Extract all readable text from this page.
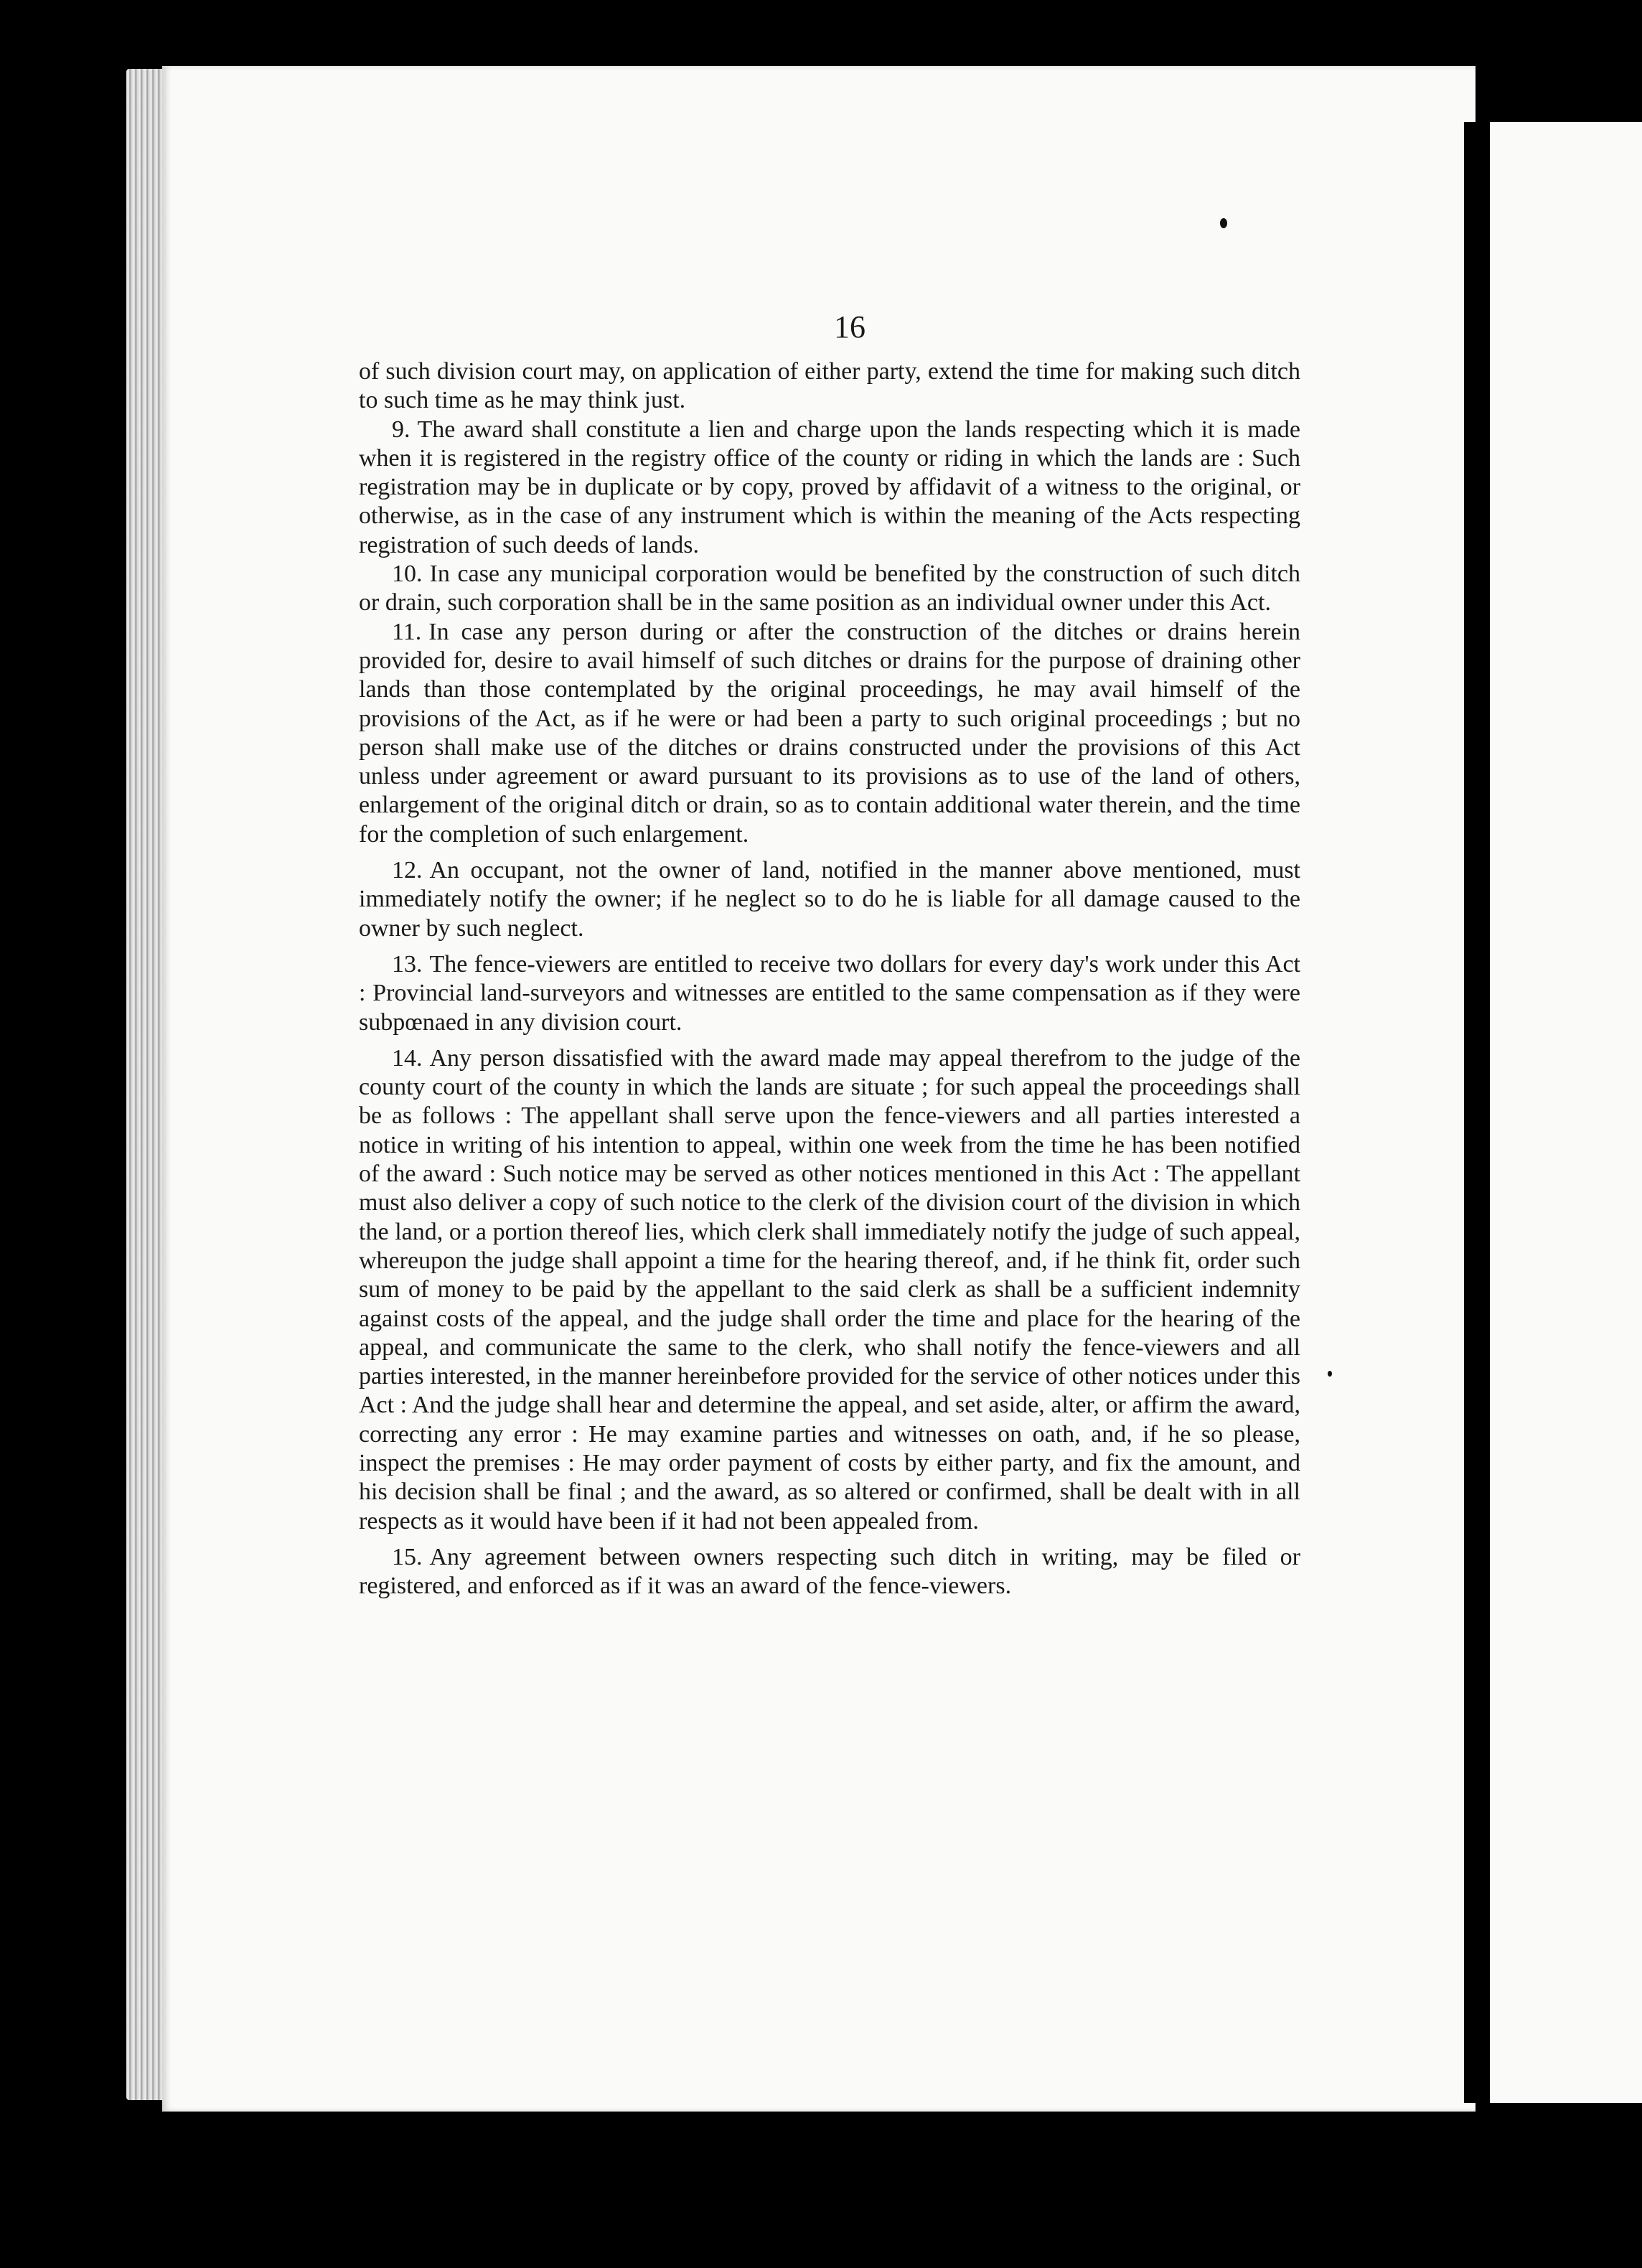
16

of such division court may, on application of either party, extend the time for making such ditch to such time as he may think just.

9. The award shall constitute a lien and charge upon the lands respecting which it is made when it is registered in the registry office of the county or riding in which the lands are : Such registration may be in duplicate or by copy, proved by affidavit of a witness to the original, or otherwise, as in the case of any instrument which is within the meaning of the Acts respecting registration of such deeds of lands.

10. In case any municipal corporation would be benefited by the construction of such ditch or drain, such corporation shall be in the same position as an individual owner under this Act.

11. In case any person during or after the construction of the ditches or drains herein provided for, desire to avail himself of such ditches or drains for the purpose of draining other lands than those contemplated by the original proceedings, he may avail himself of the provisions of the Act, as if he were or had been a party to such original proceedings ; but no person shall make use of the ditches or drains constructed under the provisions of this Act unless under agreement or award pursuant to its provisions as to use of the land of others, enlargement of the original ditch or drain, so as to contain additional water therein, and the time for the completion of such enlargement.

12. An occupant, not the owner of land, notified in the manner above mentioned, must immediately notify the owner; if he neglect so to do he is liable for all damage caused to the owner by such neglect.

13. The fence-viewers are entitled to receive two dollars for every day's work under this Act : Provincial land-surveyors and witnesses are entitled to the same compensation as if they were subpœnaed in any division court.

14. Any person dissatisfied with the award made may appeal therefrom to the judge of the county court of the county in which the lands are situate ; for such appeal the proceedings shall be as follows : The appellant shall serve upon the fence-viewers and all parties interested a notice in writing of his intention to appeal, within one week from the time he has been notified of the award : Such notice may be served as other notices mentioned in this Act : The appellant must also deliver a copy of such notice to the clerk of the division court of the division in which the land, or a portion thereof lies, which clerk shall immediately notify the judge of such appeal, whereupon the judge shall appoint a time for the hearing thereof, and, if he think fit, order such sum of money to be paid by the appellant to the said clerk as shall be a sufficient indemnity against costs of the appeal, and the judge shall order the time and place for the hearing of the appeal, and communicate the same to the clerk, who shall notify the fence-viewers and all parties interested, in the manner hereinbefore provided for the service of other notices under this Act : And the judge shall hear and determine the appeal, and set aside, alter, or affirm the award, correcting any error : He may examine parties and witnesses on oath, and, if he so please, inspect the premises : He may order payment of costs by either party, and fix the amount, and his decision shall be final ; and the award, as so altered or confirmed, shall be dealt with in all respects as it would have been if it had not been appealed from.

15. Any agreement between owners respecting such ditch in writing, may be filed or registered, and enforced as if it was an award of the fence-viewers.
